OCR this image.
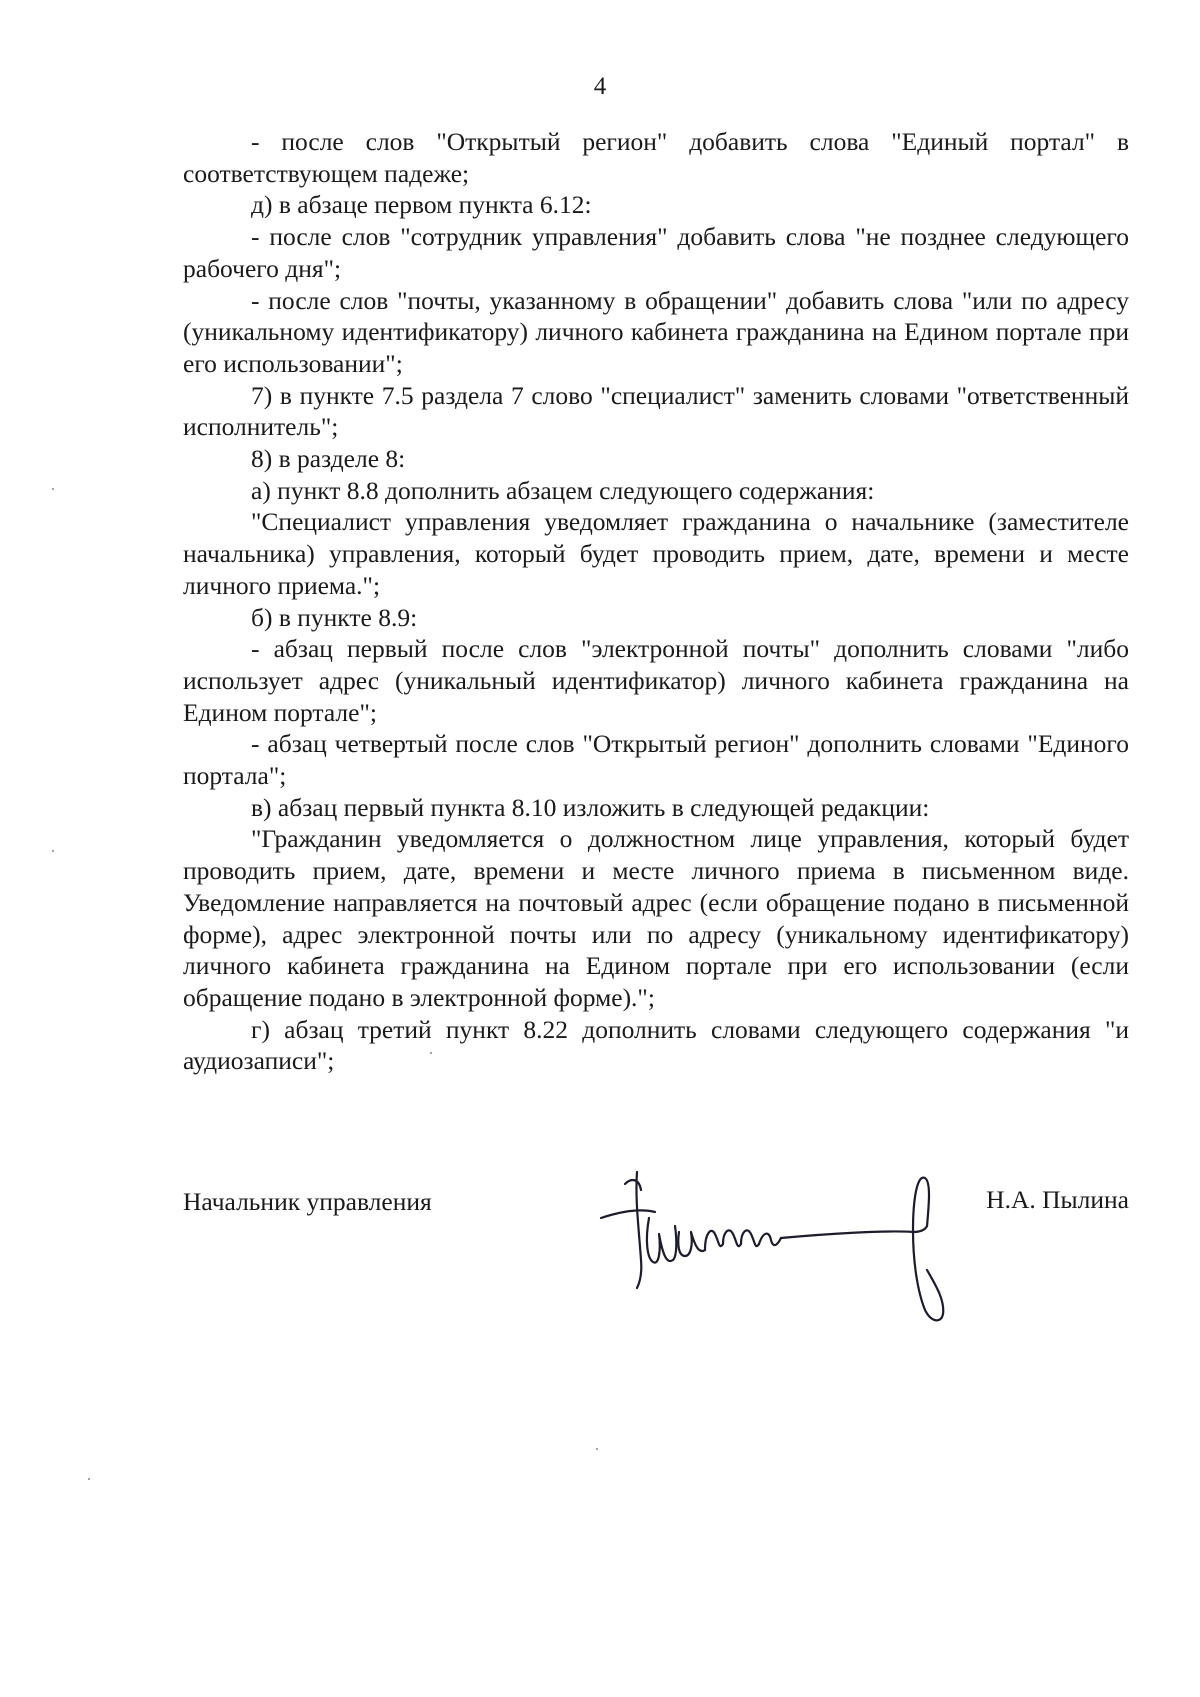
4

- после слов "Открытый регион" добавить слова "Единый портал" в соответствующем падеже;

д) в абзаце первом пункта 6.12:

- после слов "сотрудник управления" добавить слова "не позднее следующего рабочего дня";

- после слов "почты, указанному в обращении" добавить слова "или по адресу (уникальному идентификатору) личного кабинета гражданина на Едином портале при его использовании";

7) в пункте 7.5 раздела 7 слово "специалист" заменить словами "ответственный исполнитель";

8) в разделе 8:

а) пункт 8.8 дополнить абзацем следующего содержания:

"Специалист управления уведомляет гражданина о начальнике (заместителе начальника) управления, который будет проводить прием, дате, времени и месте личного приема.";

б) в пункте 8.9:

- абзац первый после слов "электронной почты" дополнить словами "либо использует адрес (уникальный идентификатор) личного кабинета гражданина на Едином портале";

- абзац четвертый после слов "Открытый регион" дополнить словами "Единого портала";

в) абзац первый пункта 8.10 изложить в следующей редакции:

"Гражданин уведомляется о должностном лице управления, который будет проводить прием, дате, времени и месте личного приема в письменном виде. Уведомление направляется на почтовый адрес (если обращение подано в письменной форме), адрес электронной почты или по адресу (уникальному идентификатору) личного кабинета гражданина на Едином портале при его использовании (если обращение подано в электронной форме).";

г) абзац третий пункт 8.22 дополнить словами следующего содержания "и аудиозаписи";

Начальник управления	Н.А. Пылина
